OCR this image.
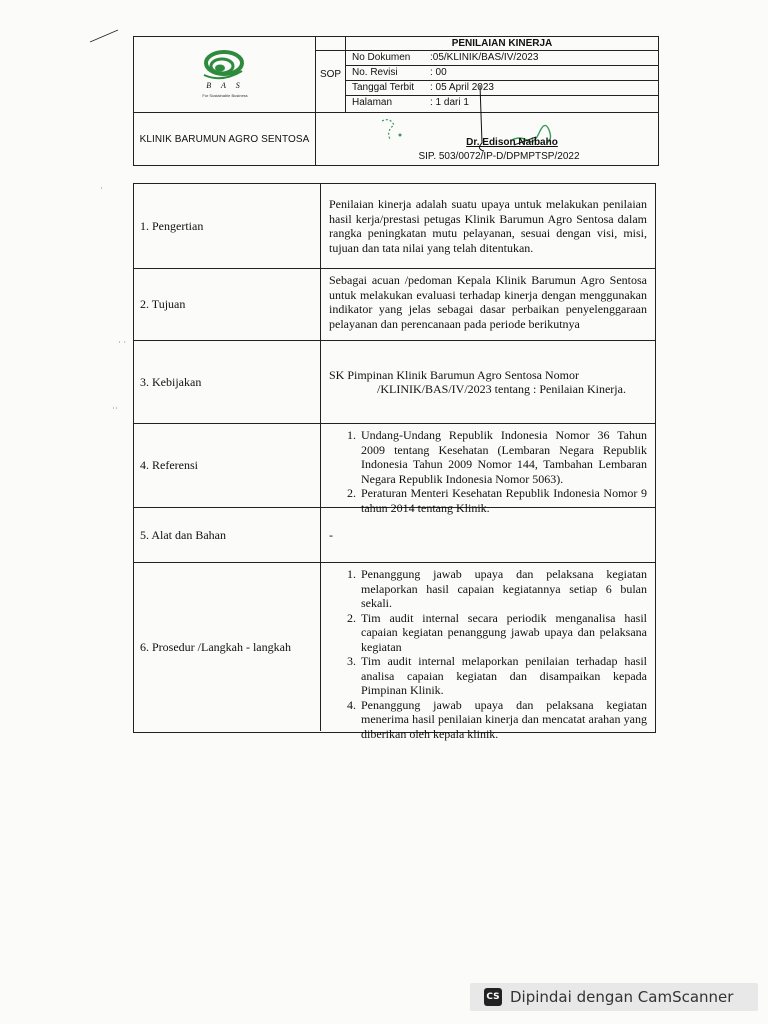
B A S
For Sustainable Business
KLINIK BARUMUN AGRO SENTOSA
SOP
PENILAIAN KINERJA
No Dokumen :05/KLINIK/BAS/IV/2023
No. Revisi	: 00
Tanggal Terbit : 05 April 2023
Halaman	: 1 dari 1
Dr. Edison Naibaho
SIP. 503/0072/IP-D/DPMPTSP/2022
1. Pengertian

Penilaian kinerja adalah suatu upaya untuk melakukan penilaian hasil kerja/prestasi petugas Klinik Barumun Agro Sentosa dalam rangka peningkatan mutu pelayanan, sesuai dengan visi, misi, tujuan dan tata nilai yang telah ditentukan.

2. Tujuan

Sebagai acuan /pedoman Kepala Klinik Barumun Agro Sentosa untuk melakukan evaluasi terhadap kinerja dengan menggunakan indikator yang jelas sebagai dasar perbaikan penyelenggaraan pelayanan dan perencanaan pada periode berikutnya

3. Kebijakan	SK Pimpinan Klinik Barumun Agro Sentosa Nomor

/KLINIK/BAS/IV/2023 tentang : Penilaian Kinerja.

4. Referensi
1. Undang-Undang Republik Indonesia Nomor 36 Tahun 2009 tentang Kesehatan (Lembaran Negara Republik Indonesia Tahun 2009 Nomor 144, Tambahan Lembaran Negara Republik Indonesia Nomor 5063).
2. Peraturan Menteri Kesehatan Republik Indonesia Nomor 9 tahun 2014 tentang Klinik.
5. Alat dan Bahan	-

6. Prosedur /Langkah - langkah
1. Penanggung jawab upaya dan pelaksana kegiatan melaporkan hasil capaian kegiatannya setiap 6 bulan sekali.
2. Tim audit internal secara periodik menganalisa hasil capaian kegiatan penanggung jawab upaya dan pelaksana kegiatan
3. Tim audit internal melaporkan penilaian terhadap hasil analisa capaian kegiatan dan disampaikan kepada Pimpinan Klinik.
4. Penanggung jawab upaya dan pelaksana kegiatan menerima hasil penilaian kinerja dan mencatat arahan yang diberikan oleh kepala klinik.
˙ ˙
˙˙
˙
CS Dipindai dengan CamScanner
